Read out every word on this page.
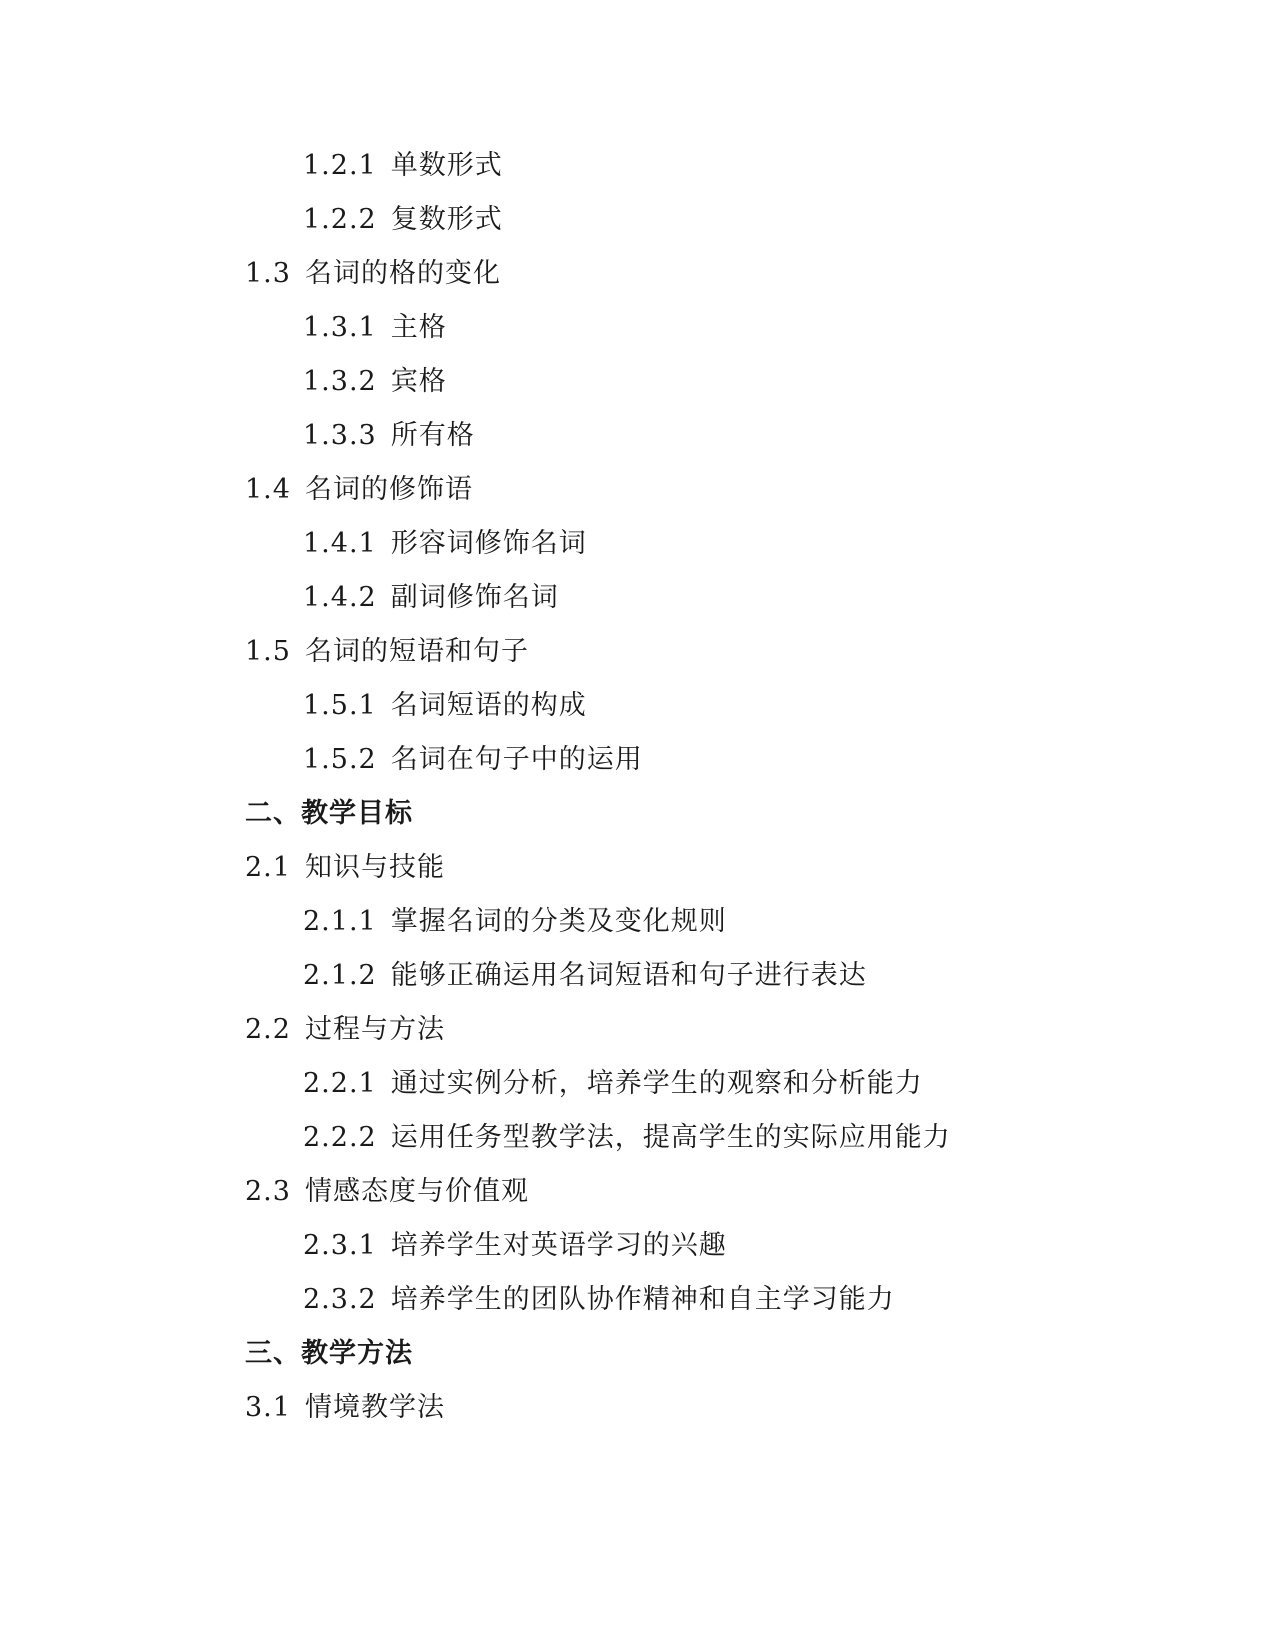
1.2.1 单数形式
1.2.2 复数形式
1.3 名词的格的变化
1.3.1 主格
1.3.2 宾格
1.3.3 所有格
1.4 名词的修饰语
1.4.1 形容词修饰名词
1.4.2 副词修饰名词
1.5 名词的短语和句子
1.5.1 名词短语的构成
1.5.2 名词在句子中的运用
二、教学目标
2.1 知识与技能
2.1.1 掌握名词的分类及变化规则
2.1.2 能够正确运用名词短语和句子进行表达
2.2 过程与方法
2.2.1 通过实例分析，培养学生的观察和分析能力
2.2.2 运用任务型教学法，提高学生的实际应用能力
2.3 情感态度与价值观
2.3.1 培养学生对英语学习的兴趣
2.3.2 培养学生的团队协作精神和自主学习能力
三、教学方法
3.1 情境教学法
